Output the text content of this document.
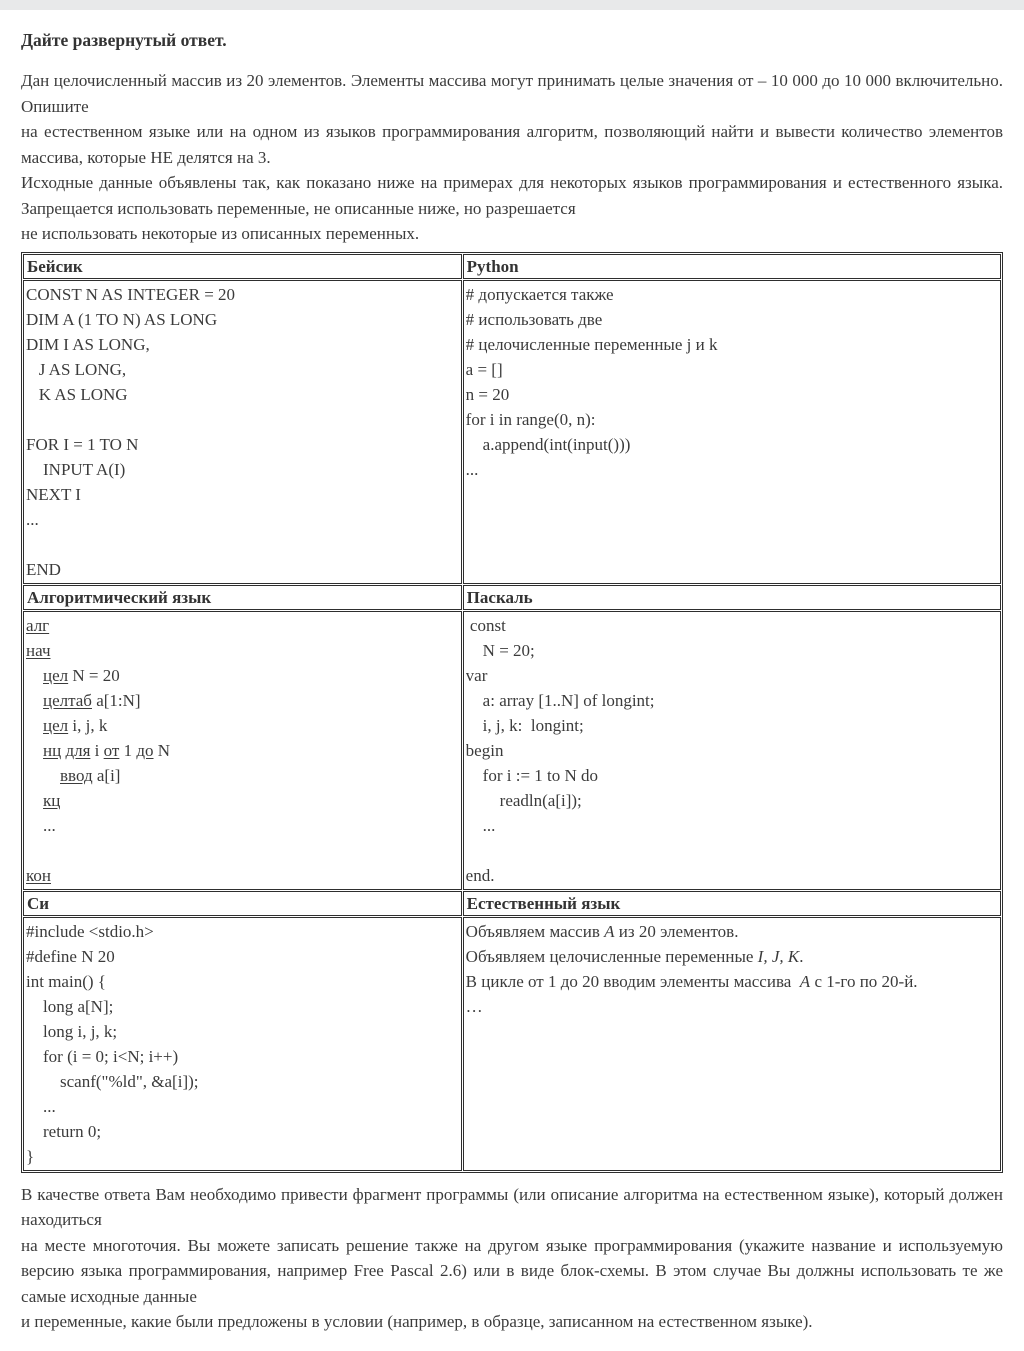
Дайте развернутый ответ.

Дан целочисленный массив из 20 элементов. Элементы массива могут принимать целые значения от – 10 000 до 10 000 включительно. Опишите

на естественном языке или на одном из языков программирования алгоритм, позволяющий найти и вывести количество элементов массива, которые НЕ делятся на 3.

Исходные данные объявлены так, как показано ниже на примерах для некоторых языков программирования и естественного языка. Запрещается использовать переменные, не описанные ниже, но разрешается

не использовать некоторые из описанных переменных.

Бейсик	Python

CONST N AS INTEGER = 20
DIM A (1 TO N) AS LONG
DIM I AS LONG,
J AS LONG,
K AS LONG

FOR I = 1 TO N
INPUT A(I)
NEXT I
...

END

# допускается также
# использовать две
# целочисленные переменные j и k
a = []
n = 20
for i in range(0, n):
a.append(int(input()))
...

Алгоритмический язык	Паскаль

алг
нач
цел N = 20
целтаб a[1:N]
цел i, j, k
нц для i от 1 до N
ввод a[i]
кц
...

кон

const
N = 20;
var
a: array [1..N] of longint;
i, j, k:  longint;
begin
for i := 1 to N do
readln(a[i]);
...

end.

Си	Естественный язык

#include <stdio.h>
#define N 20
int main() {
long a[N];
long i, j, k;
for (i = 0; i<N; i++)
scanf("%ld", &a[i]);
...
return 0;
}

Объявляем массив A из 20 элементов.
Объявляем целочисленные переменные I, J, K.
В цикле от 1 до 20 вводим элементы массива  A с 1-го по 20-й.
…

В качестве ответа Вам необходимо привести фрагмент программы (или описание алгоритма на естественном языке), который должен находиться

на месте многоточия. Вы можете записать решение также на другом языке программирования (укажите название и используемую версию языка программирования, например Free Pascal 2.6) или в виде блок-схемы. В этом случае Вы должны использовать те же самые исходные данные

и переменные, какие были предложены в условии (например, в образце, записанном на естественном языке).
